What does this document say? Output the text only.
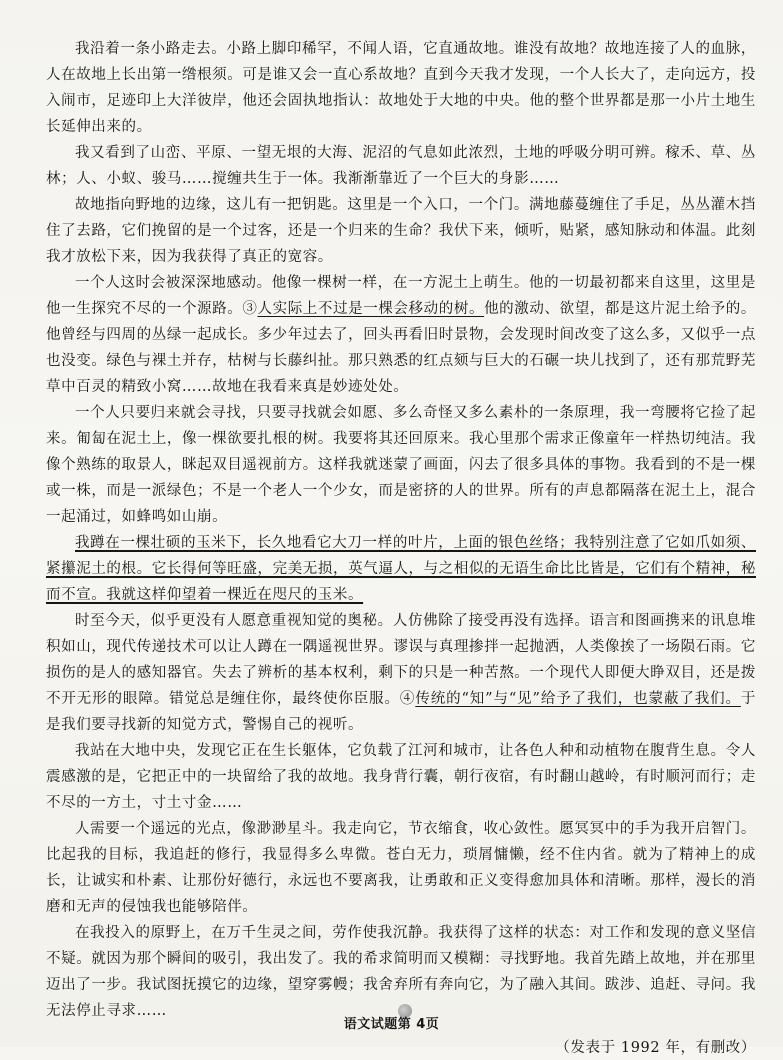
我沿着一条小路走去。小路上脚印稀罕，不闻人语，它直通故地。谁没有故地？故地连接了人的血脉，人在故地上长出第一绺根须。可是谁又会一直心系故地？直到今天我才发现，一个人长大了，走向远方，投入闹市，足迹印上大洋彼岸，他还会固执地指认：故地处于大地的中央。他的整个世界都是那一小片土地生长延伸出来的。

我又看到了山峦、平原、一望无垠的大海、泥沼的气息如此浓烈，土地的呼吸分明可辨。稼禾、草、丛林；人、小蚁、骏马……搅缠共生于一体。我渐渐靠近了一个巨大的身影……

故地指向野地的边缘，这儿有一把钥匙。这里是一个入口，一个门。满地藤蔓缠住了手足，丛丛灌木挡住了去路，它们挽留的是一个过客，还是一个归来的生命？我伏下来，倾听，贴紧，感知脉动和体温。此刻我才放松下来，因为我获得了真正的宽容。

一个人这时会被深深地感动。他像一棵树一样，在一方泥土上萌生。他的一切最初都来自这里，这里是他一生探究不尽的一个源路。③人实际上不过是一棵会移动的树。他的激动、欲望，都是这片泥土给予的。他曾经与四周的丛绿一起成长。多少年过去了，回头再看旧时景物，会发现时间改变了这么多，又似乎一点也没变。绿色与裸土并存，枯树与长藤纠扯。那只熟悉的红点颏与巨大的石碾一块儿找到了，还有那荒野芜草中百灵的精致小窝……故地在我看来真是妙迹处处。

一个人只要归来就会寻找，只要寻找就会如愿、多么奇怪又多么素朴的一条原理，我一弯腰将它捡了起来。匍匐在泥土上，像一棵欲要扎根的树。我要将其还回原来。我心里那个需求正像童年一样热切纯洁。我像个熟练的取景人，眯起双目遥视前方。这样我就迷蒙了画面，闪去了很多具体的事物。我看到的不是一棵或一株，而是一派绿色；不是一个老人一个少女，而是密挤的人的世界。所有的声息都隔落在泥土上，混合一起涌过，如蜂鸣如山崩。

我蹲在一棵壮硕的玉米下，长久地看它大刀一样的叶片，上面的银色丝络；我特别注意了它如爪如须、紧攥泥土的根。它长得何等旺盛，完美无损，英气逼人，与之相似的无语生命比比皆是，它们有个精神，秘而不宣。我就这样仰望着一棵近在咫尺的玉米。

时至今天，似乎更没有人愿意重视知觉的奥秘。人仿佛除了接受再没有选择。语言和图画携来的讯息堆积如山，现代传递技术可以让人蹲在一隅遥视世界。谬误与真理掺拌一起抛洒，人类像挨了一场陨石雨。它损伤的是人的感知器官。失去了辨析的基本权利，剩下的只是一种苦熬。一个现代人即便大睁双目，还是拨不开无形的眼障。错觉总是缠住你，最终使你臣服。④传统的“知”与“见”给予了我们，也蒙蔽了我们。于是我们要寻找新的知觉方式，警惕自己的视听。

我站在大地中央，发现它正在生长躯体，它负载了江河和城市，让各色人种和动植物在腹背生息。令人震感激的是，它把正中的一块留给了我的故地。我身背行囊，朝行夜宿，有时翻山越岭，有时顺河而行；走不尽的一方土，寸土寸金……

人需要一个遥远的光点，像渺渺星斗。我走向它，节衣缩食，收心敛性。愿冥冥中的手为我开启智门。比起我的目标，我追赶的修行，我显得多么卑微。苍白无力，琐屑慵懒，经不住内省。就为了精神上的成长，让诚实和朴素、让那份好德行，永远也不要离我，让勇敢和正义变得愈加具体和清晰。那样，漫长的消磨和无声的侵蚀我也能够陪伴。

在我投入的原野上，在万千生灵之间，劳作使我沉静。我获得了这样的状态：对工作和发现的意义坚信不疑。就因为那个瞬间的吸引，我出发了。我的希求简明而又模糊：寻找野地。我首先踏上故地，并在那里迈出了一步。我试图抚摸它的边缘，望穿雾幔；我舍弃所有奔向它，为了融入其间。跋涉、追赶、寻问。我无法停止寻求……

（发表于 1992 年，有删改）

语文试题第 4页
